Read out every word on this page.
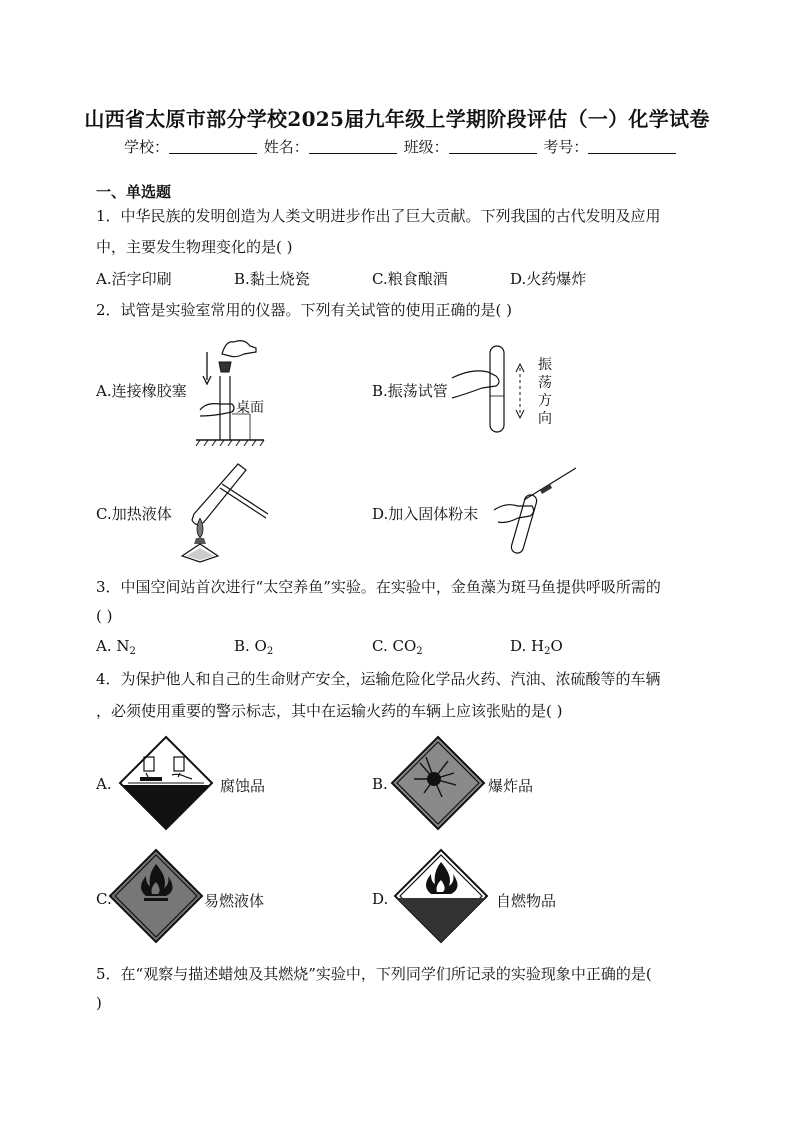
山西省太原市部分学校2025届九年级上学期阶段评估（一）化学试卷
学校：	姓名：	班级：	考号：
一、单选题
1．中华民族的发明创造为人类文明进步作出了巨大贡献。下列我国的古代发明及应用
中，主要发生物理变化的是( )
A.活字印刷	B.黏土烧瓷	C.粮食酿酒	D.火药爆炸
2．试管是实验室常用的仪器。下列有关试管的使用正确的是( )
A.连接橡胶塞
桌面
B.振荡试管
振
荡
方
向
C.加热液体	D.加入固体粉末
3．中国空间站首次进行“太空养鱼”实验。在实验中，金鱼藻为斑马鱼提供呼吸所需的
( )
A. $N_2$	B. $O_2$	C. $CO_2$	D. $H_2O$
4．为保护他人和自己的生命财产安全，运输危险化学品火药、汽油、浓硫酸等的车辆
，必须使用重要的警示标志，其中在运输火药的车辆上应该张贴的是( )
A.	腐蚀品	B.	爆炸品
C.	易燃液体	D.	自燃物品
5．在“观察与描述蜡烛及其燃烧”实验中，下列同学们所记录的实验现象中正确的是(
)
